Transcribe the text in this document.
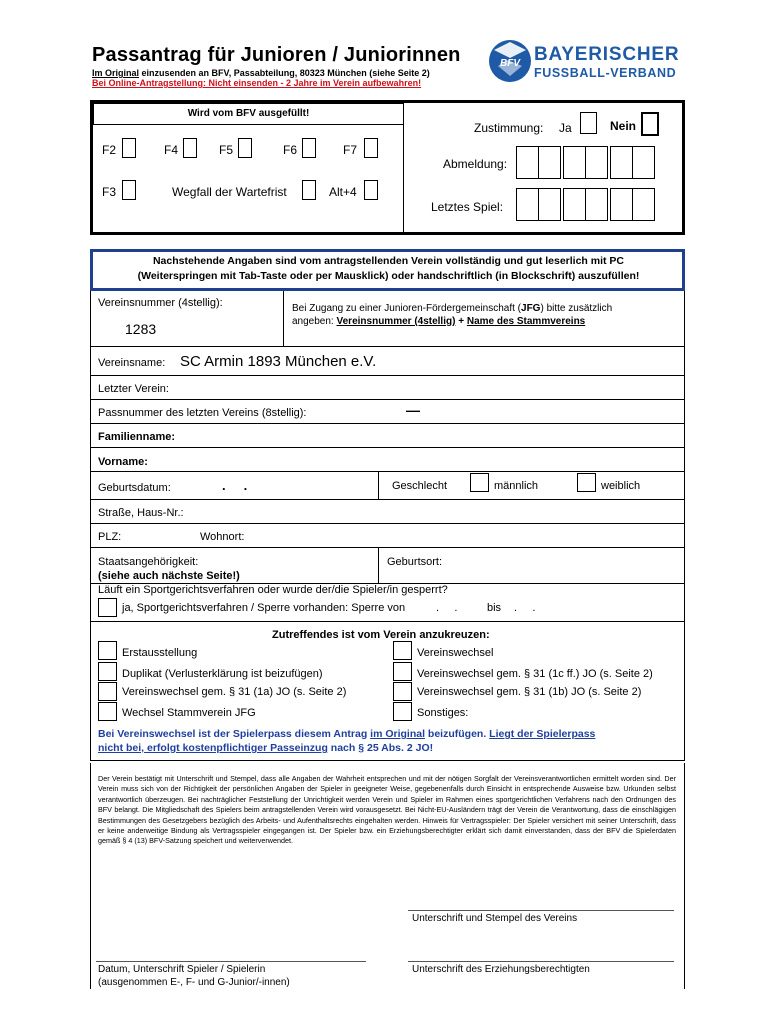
Passantrag für Junioren / Juniorinnen
Im Original einzusenden an BFV, Passabteilung, 80323 München (siehe Seite 2)
Bei Online-Antragstellung: Nicht einsenden - 2 Jahre im Verein aufbewahren!
BFV BAYERISCHER
FUSSBALL-VERBAND
Wird vom BFV ausgefüllt!
F2	F4	F5	F6	F7
F3	Wegfall der Wartefrist	Alt+4
Zustimmung: Ja	Nein
Abmeldung:
Letztes Spiel:
Nachstehende Angaben sind vom antragstellenden Verein vollständig und gut leserlich mit PC
(Weiterspringen mit Tab-Taste oder per Mausklick) oder handschriftlich (in Blockschrift) auszufüllen!
Vereinsnummer (4stellig):
1283
Bei Zugang zu einer Junioren-Fördergemeinschaft (JFG) bitte zusätzlich
angeben: Vereinsnummer (4stellig) + Name des Stammvereins
Vereinsname: SC Armin 1893 München e.V.
Letzter Verein:
Passnummer des letzten Vereins (8stellig):	—
Familienname:
Vorname:
Geburtsdatum:	.     .	Geschlecht	männlich	weiblich
Straße, Haus-Nr.:
PLZ:	Wohnort:
Staatsangehörigkeit:
(siehe auch nächste Seite!)
Geburtsort:
Läuft ein Sportgerichtsverfahren oder wurde der/die Spieler/in gesperrt?
ja, Sportgerichtsverfahren / Sperre vorhanden: Sperre von	.     .	bis .     .
Zutreffendes ist vom Verein anzukreuzen:
Erstausstellung
Duplikat (Verlusterklärung ist beizufügen)
Vereinswechsel gem. § 31 (1a) JO (s. Seite 2)
Wechsel Stammverein JFG
Vereinswechsel
Vereinswechsel gem. § 31 (1c ff.) JO (s. Seite 2)
Vereinswechsel gem. § 31 (1b) JO (s. Seite 2)
Sonstiges:
Bei Vereinswechsel ist der Spielerpass diesem Antrag im Original beizufügen. Liegt der Spielerpass
nicht bei, erfolgt kostenpflichtiger Passeinzug nach § 25 Abs. 2 JO!
Der Verein bestätigt mit Unterschrift und Stempel, dass alle Angaben der Wahrheit entsprechen und mit der nötigen Sorgfalt der Vereinsverantwortlichen ermittelt worden sind. Der Verein muss sich von der Richtigkeit der persönlichen Angaben der Spieler in geeigneter Weise, gegebenenfalls durch Einsicht in entsprechende Ausweise bzw. Urkunden selbst verantwortlich überzeugen. Bei nachträglicher Feststellung der Unrichtigkeit werden Verein und Spieler im Rahmen eines sportgerichtlichen Verfahrens nach den Ordnungen des BFV belangt. Die Mitgliedschaft des Spielers beim antragstellenden Verein wird vorausgesetzt. Bei Nicht-EU-Ausländern trägt der Verein die Verantwortung, dass die einschlägigen Bestimmungen des Gesetzgebers bezüglich des Arbeits- und Aufenthaltsrechts eingehalten werden. Hinweis für Vertragsspieler: Der Spieler versichert mit seiner Unterschrift, dass er keine anderweitige Bindung als Vertragsspieler eingegangen ist. Der Spieler bzw. ein Erziehungsberechtigter erklärt sich damit einverstanden, dass der BFV die Spielerdaten gemäß § 4 (13) BFV-Satzung speichert und weiterverwendet.
Unterschrift und Stempel des Vereins
Datum, Unterschrift Spieler / Spielerin
(ausgenommen E-, F- und G-Junior/-innen)
Unterschrift des Erziehungsberechtigten
